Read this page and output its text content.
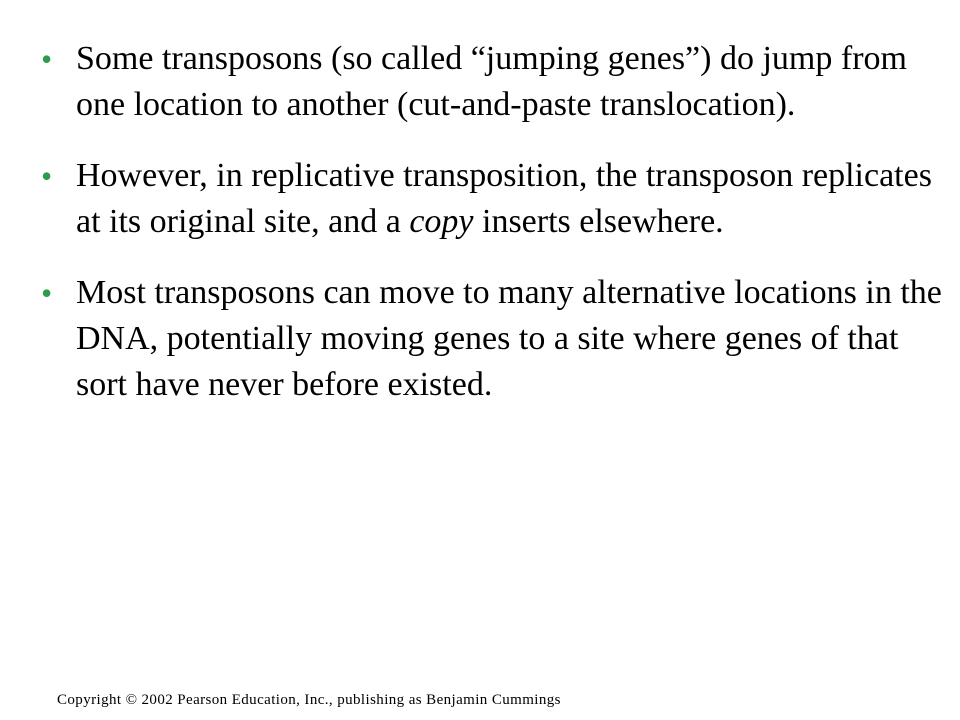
• Some transposons (so called “jumping genes”) do jump from one location to another (cut-and-paste translocation).
• However, in replicative transposition, the transposon replicates at its original site, and a copy inserts elsewhere.
• Most transposons can move to many alternative locations in the DNA, potentially moving genes to a site where genes of that sort have never before existed.
Copyright © 2002 Pearson Education, Inc., publishing as Benjamin Cummings
